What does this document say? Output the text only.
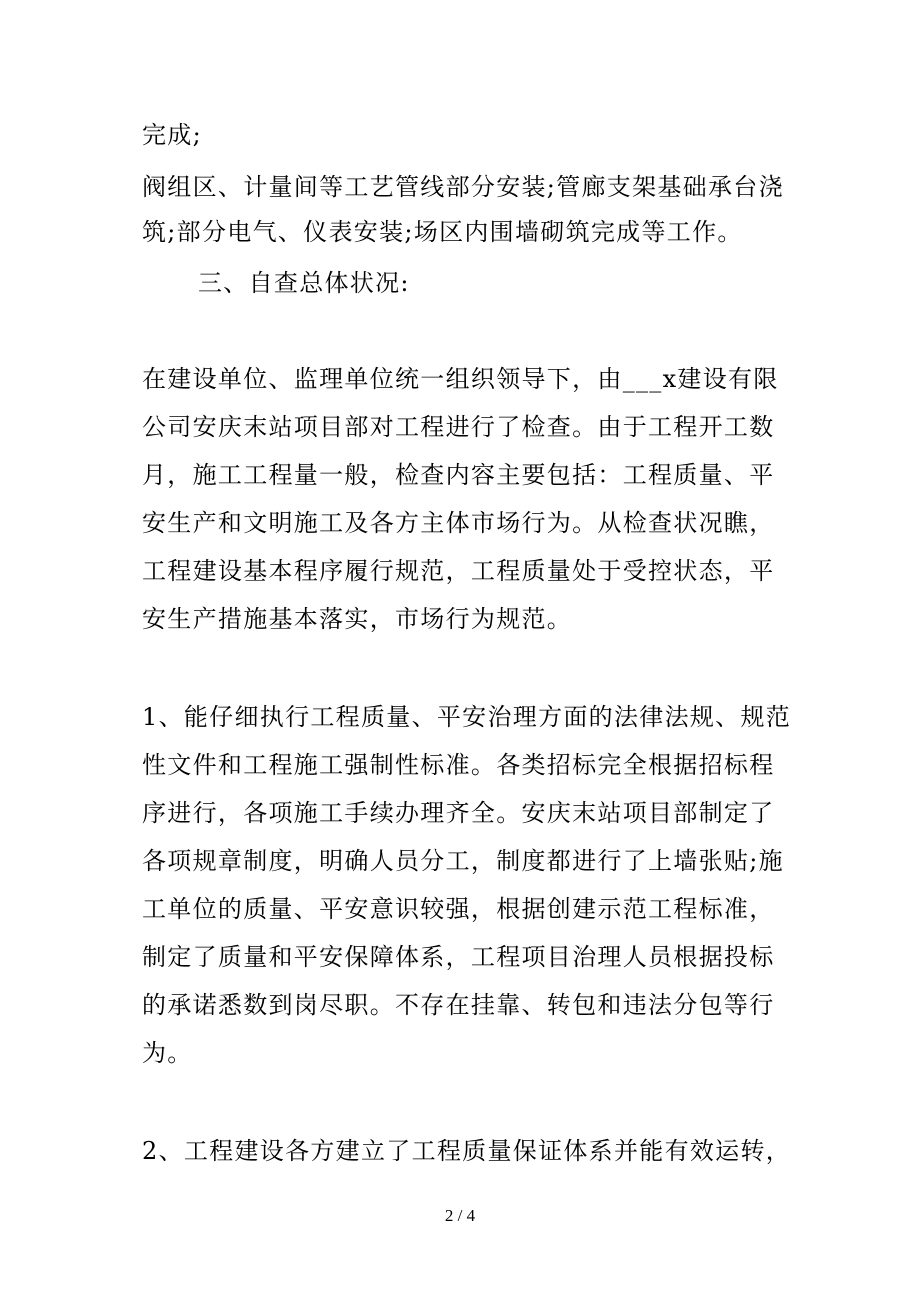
完成;
阀组区、计量间等工艺管线部分安装;管廊支架基础承台浇
筑;部分电气、仪表安装;场区内围墙砌筑完成等工作。
三、自查总体状况:
在建设单位、监理单位统一组织领导下，由___x建设有限
公司安庆末站项目部对工程进行了检查。由于工程开工数
月，施工工程量一般，检查内容主要包括：工程质量、平
安生产和文明施工及各方主体市场行为。从检查状况瞧，
工程建设基本程序履行规范，工程质量处于受控状态，平
安生产措施基本落实，市场行为规范。
1、能仔细执行工程质量、平安治理方面的法律法规、规范
性文件和工程施工强制性标准。各类招标完全根据招标程
序进行，各项施工手续办理齐全。安庆末站项目部制定了
各项规章制度，明确人员分工，制度都进行了上墙张贴;施
工单位的质量、平安意识较强，根据创建示范工程标准，
制定了质量和平安保障体系，工程项目治理人员根据投标
的承诺悉数到岗尽职。不存在挂靠、转包和违法分包等行
为。
2、工程建设各方建立了工程质量保证体系并能有效运转，
2 / 4
